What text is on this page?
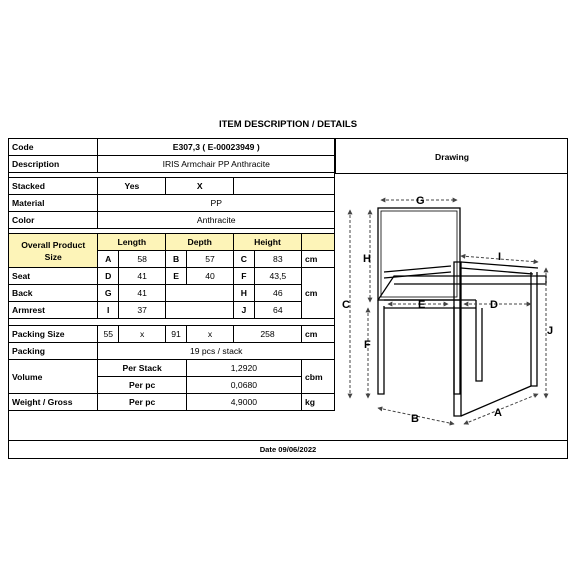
ITEM DESCRIPTION / DETAILS
Code	E307,3 ( E-00023949 )						
Description	IRIS Armchair PP Anthracite						

Stacked	Yes		X				
Material	PP						
Color	Anthracite						

Overall Product Size	Length		Depth		Height		
	A	58	B	57	C	83	cm
Seat	D	41	E	40	F	43,5	cm
Back	G	41			H	46	
Armrest	I	37			J	64	

Packing Size	55	x	91	x	258		cm
Packing	19 pcs / stack						
Volume	Per Stack			1,2920			cbm
	Per pc			0,0680			
Weight / Gross	Per pc			4,9000			kg
Drawing
G
H	I
C	E	D
J
F
B	A
Date 09/06/2022
